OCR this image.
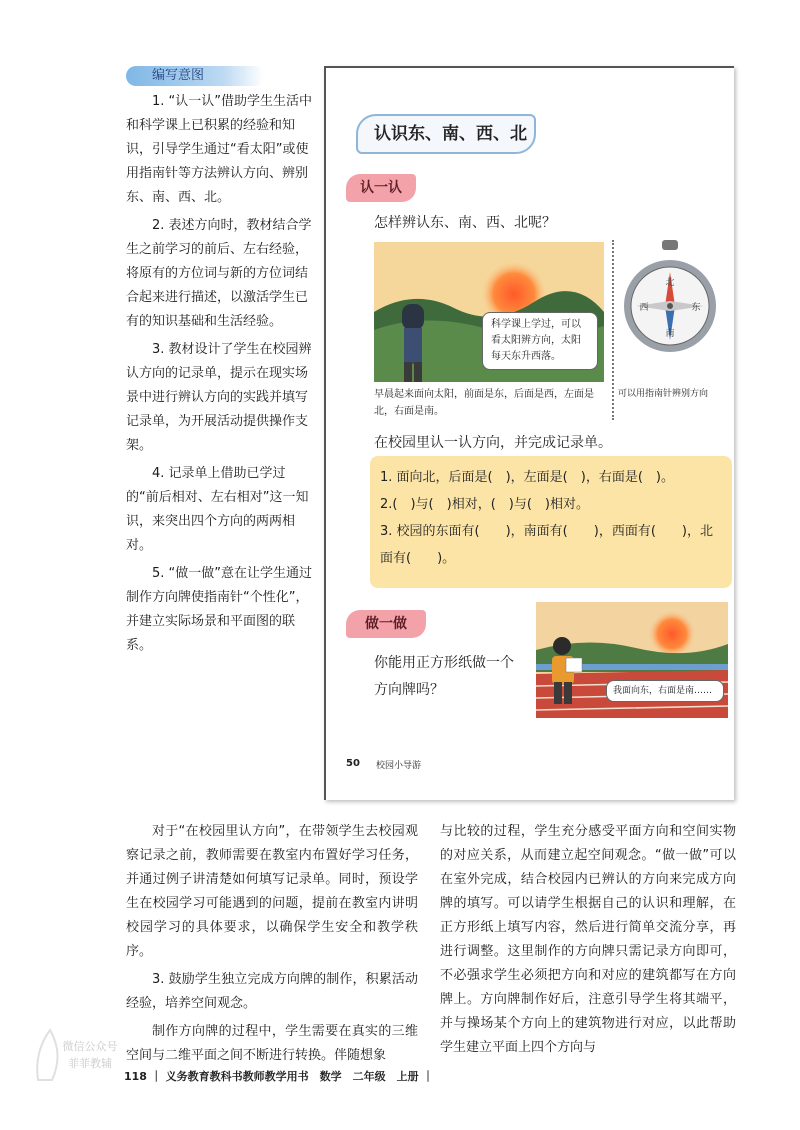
编写意图

1. “认一认”借助学生生活中和科学课上已积累的经验和知识，引导学生通过“看太阳”或使用指南针等方法辨认方向、辨别东、南、西、北。

2. 表述方向时，教材结合学生之前学习的前后、左右经验，将原有的方位词与新的方位词结合起来进行描述，以激活学生已有的知识基础和生活经验。

3. 教材设计了学生在校园辨认方向的记录单，提示在现实场景中进行辨认方向的实践并填写记录单，为开展活动提供操作支架。

4. 记录单上借助已学过的“前后相对、左右相对”这一知识，来突出四个方向的两两相对。

5. “做一做”意在让学生通过制作方向牌使指南针“个性化”，并建立实际场景和平面图的联系。

认识东、南、西、北
认一认
怎样辨认东、南、西、北呢？
科学课上学过，可以看太阳辨方向，太阳每天东升西落。
早晨起来面向太阳，前面是东，后面是西，左面是北，右面是南。
北
南
东
西
可以用指南针辨别方向
在校园里认一认方向，并完成记录单。
1. 面向北，后面是(　)，左面是(　)，右面是(　)。
2.(　)与(　)相对，(　)与(　)相对。
3. 校园的东面有(　　)，南面有(　　)，西面有(　　)，北面有(　　)。
做一做
你能用正方形纸做一个方向牌吗？	我面向东，右面是南……
50 校园小导游

对于“在校园里认方向”，在带领学生去校园观察记录之前，教师需要在教室内布置好学习任务，并通过例子讲清楚如何填写记录单。同时，预设学生在校园学习可能遇到的问题，提前在教室内讲明校园学习的具体要求，以确保学生安全和教学秩序。

3. 鼓励学生独立完成方向牌的制作，积累活动经验，培养空间观念。

制作方向牌的过程中，学生需要在真实的三维空间与二维平面之间不断进行转换。伴随想象

与比较的过程，学生充分感受平面方向和空间实物的对应关系，从而建立起空间观念。“做一做”可以在室外完成，结合校园内已辨认的方向来完成方向牌的填写。可以请学生根据自己的认识和理解，在正方形纸上填写内容，然后进行简单交流分享，再进行调整。这里制作的方向牌只需记录方向即可，不必强求学生必须把方向和对应的建筑都写在方向牌上。方向牌制作好后，注意引导学生将其端平，并与操场某个方向上的建筑物进行对应，以此帮助学生建立平面上四个方向与

微信公众号
菲菲教辅
118 ｜ 义务教育教科书教师教学用书　数学　二年级　上册 ｜
